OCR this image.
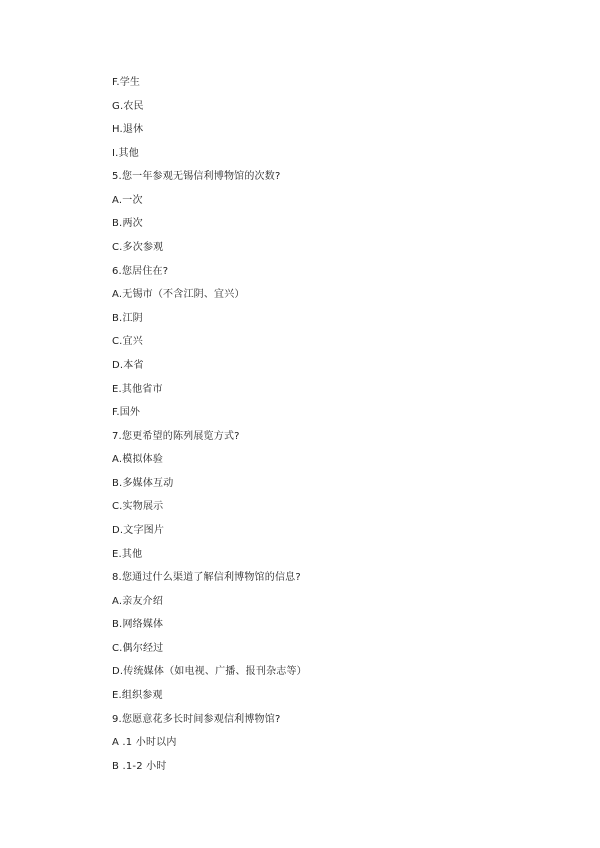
F.学生
G.农民
H.退休
I.其他
5.您一年参观无锡信利博物馆的次数?
A.一次
B.两次
C.多次参观
6.您居住在?
A.无锡市（不含江阴、宜兴）
B.江阴
C.宜兴
D.本省
E.其他省市
F.国外
7.您更希望的陈列展览方式?
A.模拟体验
B.多媒体互动
C.实物展示
D.文字图片
E.其他
8.您通过什么渠道了解信利博物馆的信息?
A.亲友介绍
B.网络媒体
C.偶尔经过
D.传统媒体（如电视、广播、报刊杂志等）
E.组织参观
9.您愿意花多长时间参观信利博物馆?
A .1 小时以内
B .1-2 小时
